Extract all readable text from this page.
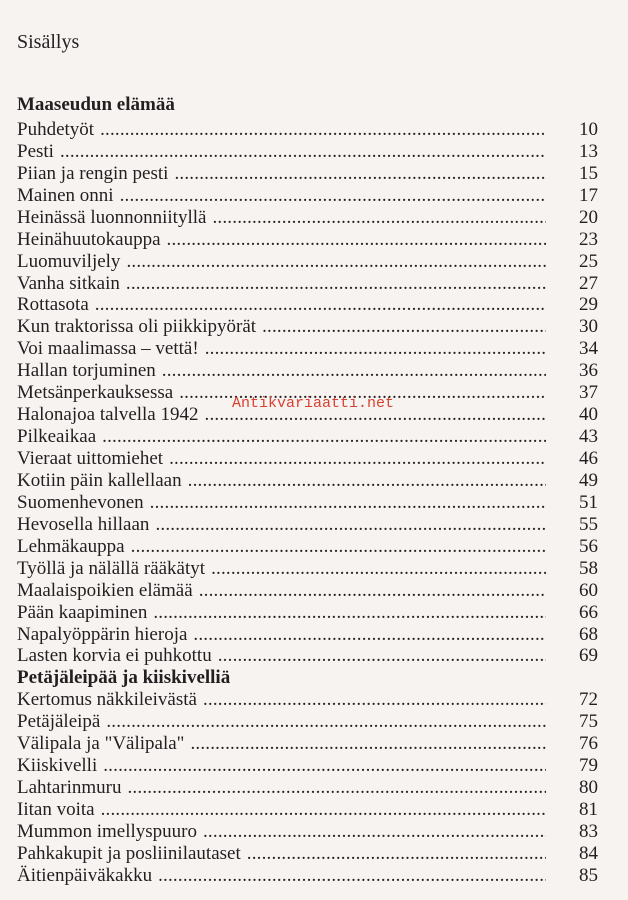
Sisällys
Maaseudun elämää
Puhdetyöt .....	10
Pesti .....	13
Piian ja rengin pesti .....	15
Mainen onni .....	17
Heinässä luonnonniityllä .....	20
Heinähuutokauppa .....	23
Luomuviljely .....	25
Vanha sitkain .....	27
Rottasota .....	29
Kun traktorissa oli piikkipyörät .....	30
Voi maalimassa – vettä! .....	34
Hallan torjuminen .....	36
Metsänperkauksessa .....	37
Halonajoa talvella 1942 .....	40
Pilkeaikaa .....	43
Vieraat uittomiehet .....	46
Kotiin päin kallellaan .....	49
Suomenhevonen .....	51
Hevosella hillaan .....	55
Lehmäkauppa .....	56
Työllä ja nälällä rääkätyt .....	58
Maalaispoikien elämää .....	60
Pään kaapiminen .....	66
Napalyöppärin hieroja .....	68
Lasten korvia ei puhkottu .....	69
Petäjäleipää ja kiiskivelliä
Kertomus näkkileivästä .....	72
Petäjäleipä .....	75
Välipala ja "Välipala" .....	76
Kiiskivelli .....	79
Lahtarinmuru .....	80
Iitan voita .....	81
Mummon imellyspuuro .....	83
Pahkakupit ja posliinilautaset .....	84
Äitienpäiväkakku .....	85
Antikvariaatti.net
